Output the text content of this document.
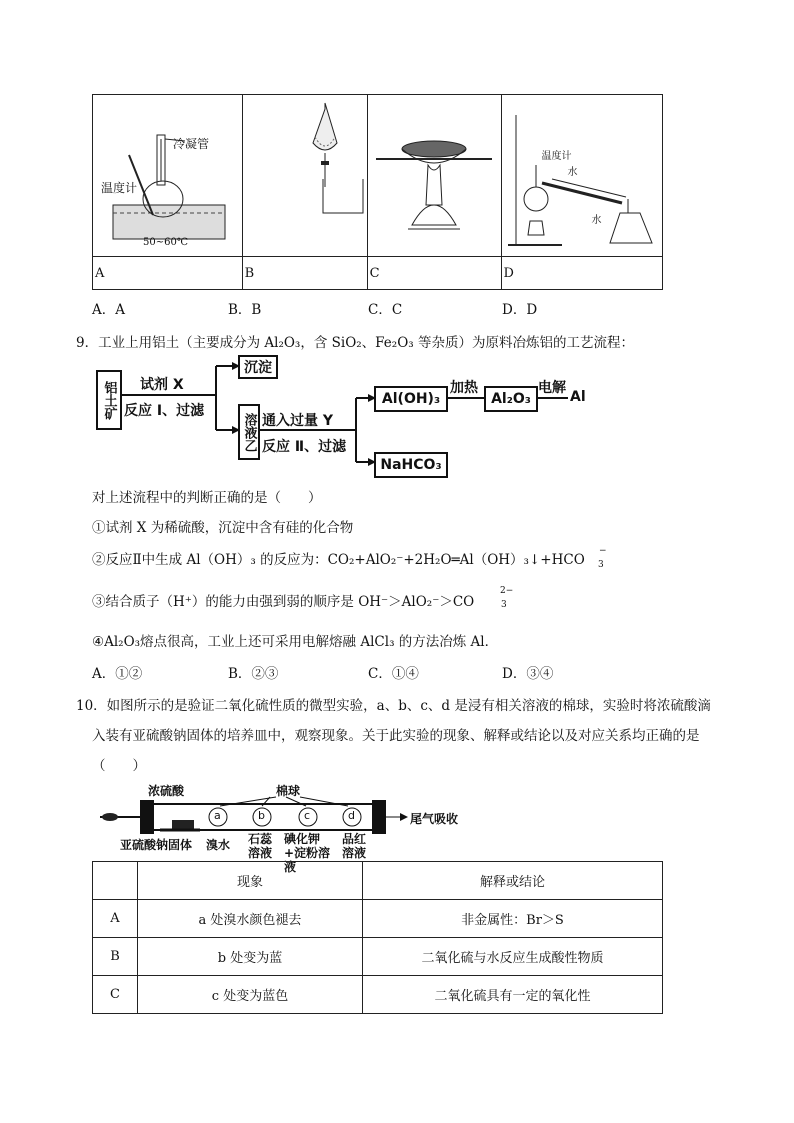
冷凝管
温度计
50~60℃			温度计
水
水

A	B	C	D
A．A	B．B	C．C	D．D
9．工业上用铝土（主要成分为 Al₂O₃，含 SiO₂、Fe₂O₃ 等杂质）为原料冶炼铝的工艺流程：
铝土矿 试剂 X
反应 Ⅰ、过滤
沉淀
溶液乙 通入过量 Y
反应 Ⅱ、过滤
Al(OH)₃
加热
Al₂O₃
电解
Al
NaHCO₃
对上述流程中的判断正确的是（　　）
①试剂 X 为稀硫酸，沉淀中含有硅的化合物
②反应Ⅱ中生成 Al（OH）₃ 的反应为：CO₂+AlO₂⁻+2H₂O═Al（OH）₃↓+HCO
−
3
③结合质子（H⁺）的能力由强到弱的顺序是 OH⁻＞AlO₂⁻＞CO
2−
3
④Al₂O₃熔点很高，工业上还可采用电解熔融 AlCl₃ 的方法冶炼 Al．
A．①②	B．②③	C．①④	D．③④
10．如图所示的是验证二氧化硫性质的微型实验，a、b、c、d 是浸有相关溶液的棉球，实验时将浓硫酸滴
入装有亚硫酸钠固体的培养皿中，观察现象。关于此实验的现象、解释或结论以及对应关系均正确的是
（　　）
浓硫酸	棉球
尾气吸收
亚硫酸钠固体 溴水 石蕊溶液
碘化钾+淀粉溶液
品红溶液
a	b	c	d
	现象	解释或结论
A	a 处溴水颜色褪去	非金属性：Br＞S
B	b 处变为蓝	二氧化硫与水反应生成酸性物质
C	c 处变为蓝色	二氧化硫具有一定的氧化性
